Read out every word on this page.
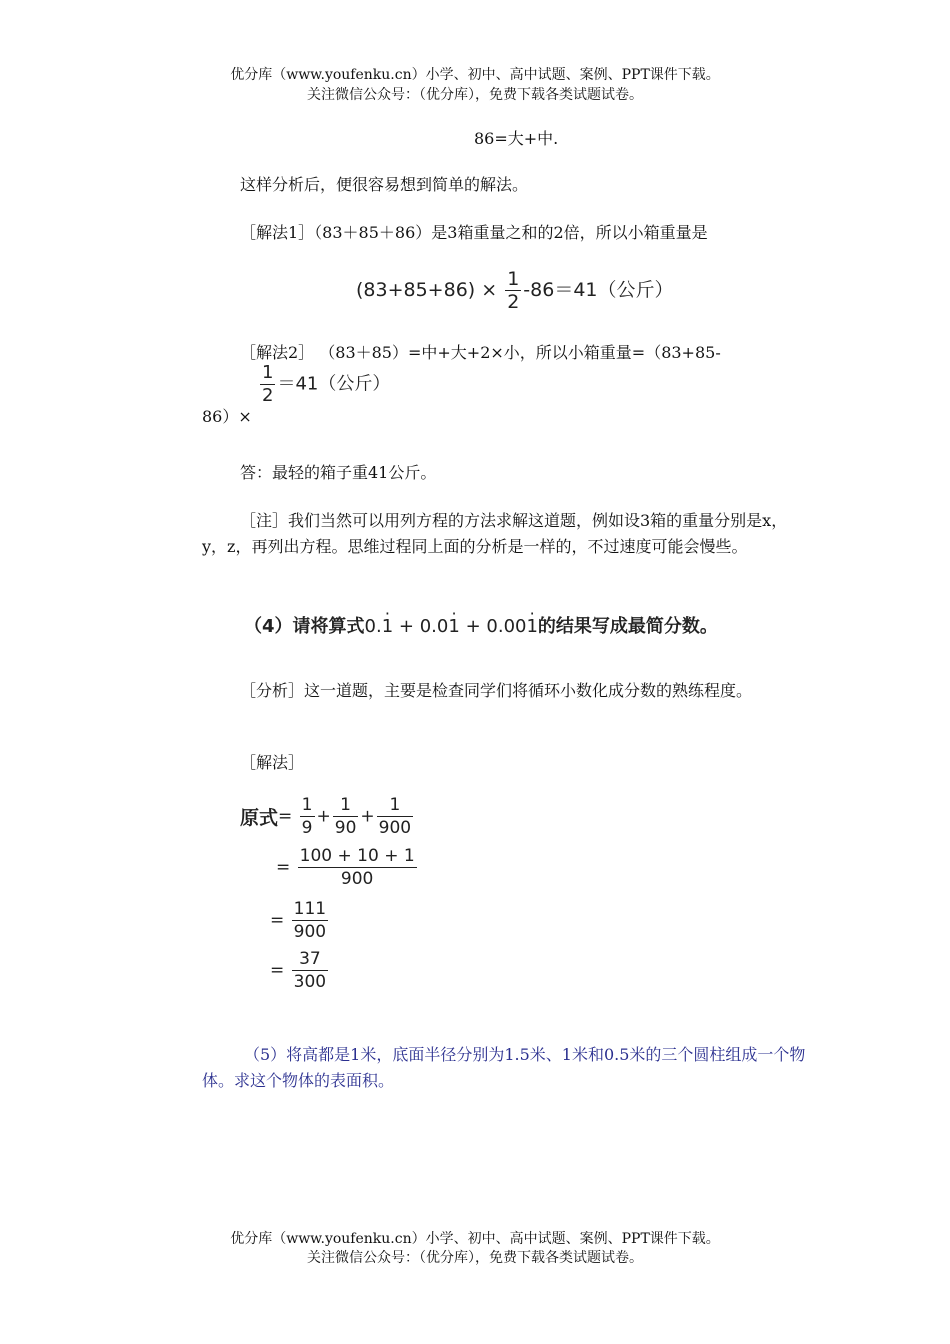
优分库（www.youfenku.cn）小学、初中、高中试题、案例、PPT课件下载。
关注微信公众号：（优分库），免费下载各类试题试卷。
86=大+中.
这样分析后，便很容易想到简单的解法。
［解法1］（83＋85＋86）是3箱重量之和的2倍，所以小箱重量是
$(83+85+86) \times \frac{1}{2} -86=41$（公斤）
［解法2］ （83＋85）=中+大+2×小，所以小箱重量=（83+85-
$\frac{1}{2} =41$（公斤）
86）×
答：最轻的箱子重41公斤。
［注］我们当然可以用列方程的方法求解这道题，例如设3箱的重量分别是x，y，z，再列出方程。思维过程同上面的分析是一样的，不过速度可能会慢些。
（4）请将算式0.1 · + 0.01 · + 0.001 ·的结果写成最简分数。
［分析］这一道题，主要是检查同学们将循环小数化成分数的熟练程度。
［解法］
原式= $\frac{1}{9} + \frac{1}{90} + \frac{1}{900}$
= $\frac{100 + 10 + 1}{900}$
= $\frac{111}{900}$
= $\frac{37}{300}$
（5）将高都是1米，底面半径分别为1.5米、1米和0.5米的三个圆柱组成一个物体。求这个物体的表面积。
优分库（www.youfenku.cn）小学、初中、高中试题、案例、PPT课件下载。
关注微信公众号：（优分库），免费下载各类试题试卷。
